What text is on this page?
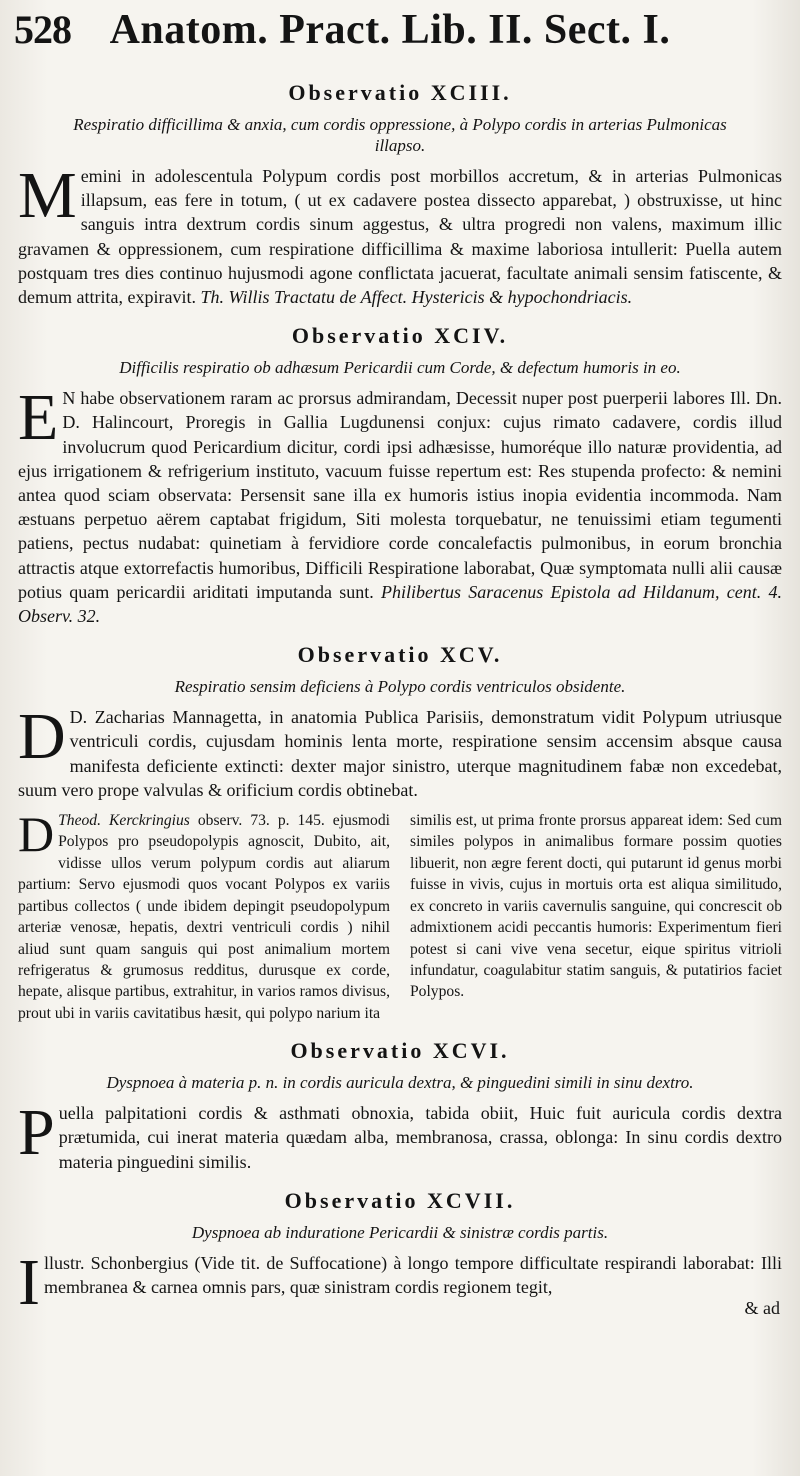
528 Anatom. Pract. Lib. II. Sect. I.
Observatio XCIII.
Respiratio difficillima & anxia, cum cordis oppressione, à Polypo cordis in arterias Pulmonicas illapso.
M emini in adolescentula Polypum cordis post morbillos accretum, & in arterias Pulmonicas illapsum, eas fere in totum, ( ut ex cadavere postea dissecto apparebat, ) obstruxisse, ut hinc sanguis intra dextrum cordis sinum aggestus, & ultra progredi non valens, maximum illic gravamen & oppressionem, cum respiratione difficillima & maxime laboriosa intullerit: Puella autem postquam tres dies continuo hujusmodi agone conflictata jacuerat, facultate animali sensim fatiscente, & demum attrita, expiravit. Th. Willis Tractatu de Affect. Hystericis & hypochondriacis.
Observatio XCIV.
Difficilis respiratio ob adhæsum Pericardii cum Corde, & defectum humoris in eo.
E N habe observationem raram ac prorsus admirandam, Decessit nuper post puerperii labores Ill. Dn. D. Halincourt, Proregis in Gallia Lugdunensi conjux: cujus rimato cadavere, cordis illud involucrum quod Pericardium dicitur, cordi ipsi adhæsisse, humoréque illo naturæ providentia, ad ejus irrigationem & refrigerium instituto, vacuum fuisse repertum est: Res stupenda profecto: & nemini antea quod sciam observata: Persensit sane illa ex humoris istius inopia evidentia incommoda. Nam æstuans perpetuo aërem captabat frigidum, Siti molesta torquebatur, ne tenuissimi etiam tegumenti patiens, pectus nudabat: quinetiam à fervidiore corde concalefactis pulmonibus, in eorum bronchia attractis atque extorrefactis humoribus, Difficili Respiratione laborabat, Quæ symptomata nulli alii causæ potius quam pericardii ariditati imputanda sunt. Philibertus Saracenus Epistola ad Hildanum, cent. 4. Observ. 32.
Observatio XCV.
Respiratio sensim deficiens à Polypo cordis ventriculos obsidente.
D D. Zacharias Mannagetta, in anatomia Publica Parisiis, demonstratum vidit Polypum utriusque ventriculi cordis, cujusdam hominis lenta morte, respiratione sensim accensim absque causa manifesta deficiente extincti: dexter major sinistro, uterque magnitudinem fabæ non excedebat, suum vero prope valvulas & orificium cordis obtinebat.
D Theod. Kerckringius observ. 73. p. 145. ejusmodi Polypos pro pseudopolypis agnoscit, Dubito, ait, vidisse ullos verum polypum cordis aut aliarum partium: Servo ejusmodi quos vocant Polypos ex variis partibus collectos ( unde ibidem depingit pseudopolypum arteriæ venosæ, hepatis, dextri ventriculi cordis ) nihil aliud sunt quam sanguis qui post animalium mortem refrigeratus & grumosus redditus, durusque ex corde, hepate, alisque partibus, extrahitur, in varios ramos divisus, prout ubi in variis cavitatibus hæsit, qui polypo narium ita
similis est, ut prima fronte prorsus appareat idem: Sed cum similes polypos in animalibus formare possim quoties libuerit, non ægre ferent docti, qui putarunt id genus morbi fuisse in vivis, cujus in mortuis orta est aliqua similitudo, ex concreto in variis cavernulis sanguine, qui concrescit ob admixtionem acidi peccantis humoris: Experimentum fieri potest si cani vive vena secetur, eique spiritus vitrioli infundatur, coagulabitur statim sanguis, & putatirios faciet Polypos.
Observatio XCVI.
Dyspnoea à materia p. n. in cordis auricula dextra, & pinguedini simili in sinu dextro.
P uella palpitationi cordis & asthmati obnoxia, tabida obiit, Huic fuit auricula cordis dextra prætumida, cui inerat materia quædam alba, membranosa, crassa, oblonga: In sinu cordis dextro materia pinguedini similis.
Observatio XCVII.
Dyspnoea ab induratione Pericardii & sinistræ cordis partis.
I llustr. Schonbergius (Vide tit. de Suffocatione) à longo tempore difficultate respirandi laborabat: Illi membranea & carnea omnis pars, quæ sinistram cordis regionem tegit,
& ad
